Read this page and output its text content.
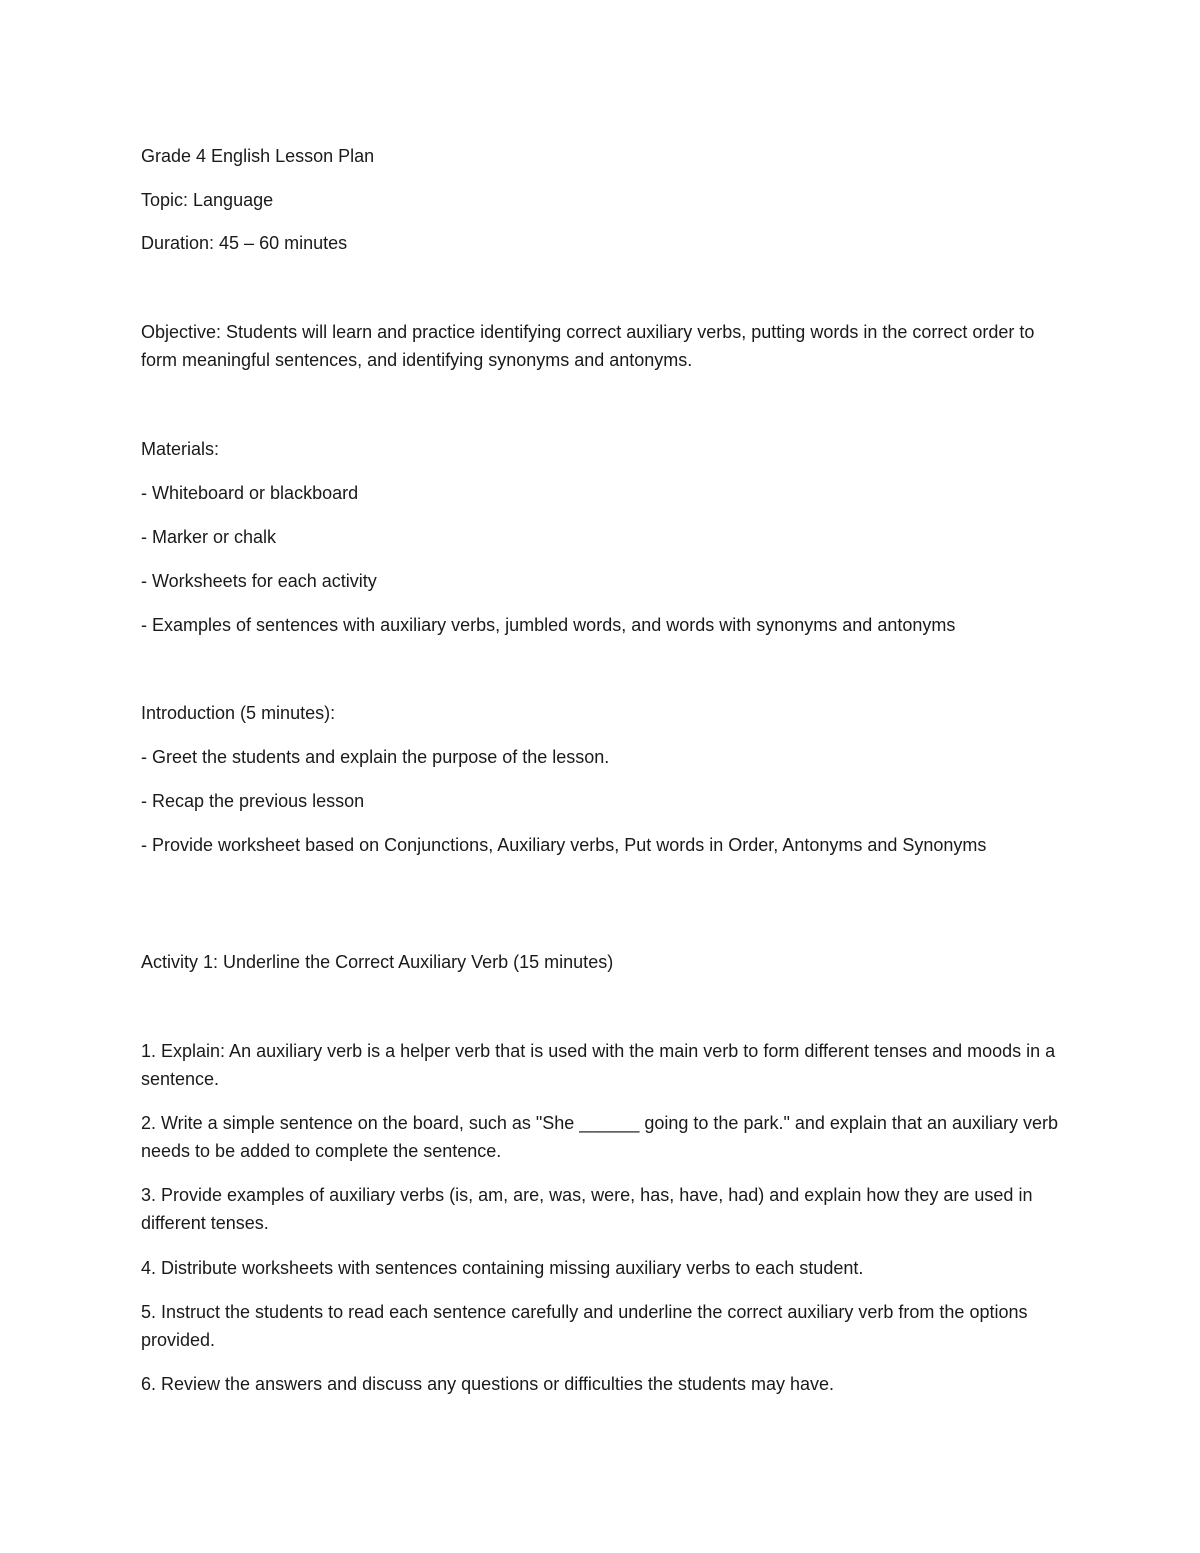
Grade 4 English Lesson Plan
Topic: Language
Duration: 45 – 60 minutes
Objective: Students will learn and practice identifying correct auxiliary verbs, putting words in the correct order to form meaningful sentences, and identifying synonyms and antonyms.
Materials:
- Whiteboard or blackboard
- Marker or chalk
- Worksheets for each activity
- Examples of sentences with auxiliary verbs, jumbled words, and words with synonyms and antonyms
Introduction (5 minutes):
- Greet the students and explain the purpose of the lesson.
- Recap the previous lesson
- Provide worksheet based on Conjunctions, Auxiliary verbs, Put words in Order, Antonyms and Synonyms
Activity 1: Underline the Correct Auxiliary Verb (15 minutes)
1. Explain: An auxiliary verb is a helper verb that is used with the main verb to form different tenses and moods in a sentence.
2. Write a simple sentence on the board, such as "She ______ going to the park." and explain that an auxiliary verb needs to be added to complete the sentence.
3. Provide examples of auxiliary verbs (is, am, are, was, were, has, have, had) and explain how they are used in different tenses.
4. Distribute worksheets with sentences containing missing auxiliary verbs to each student.
5. Instruct the students to read each sentence carefully and underline the correct auxiliary verb from the options provided.
6. Review the answers and discuss any questions or difficulties the students may have.
